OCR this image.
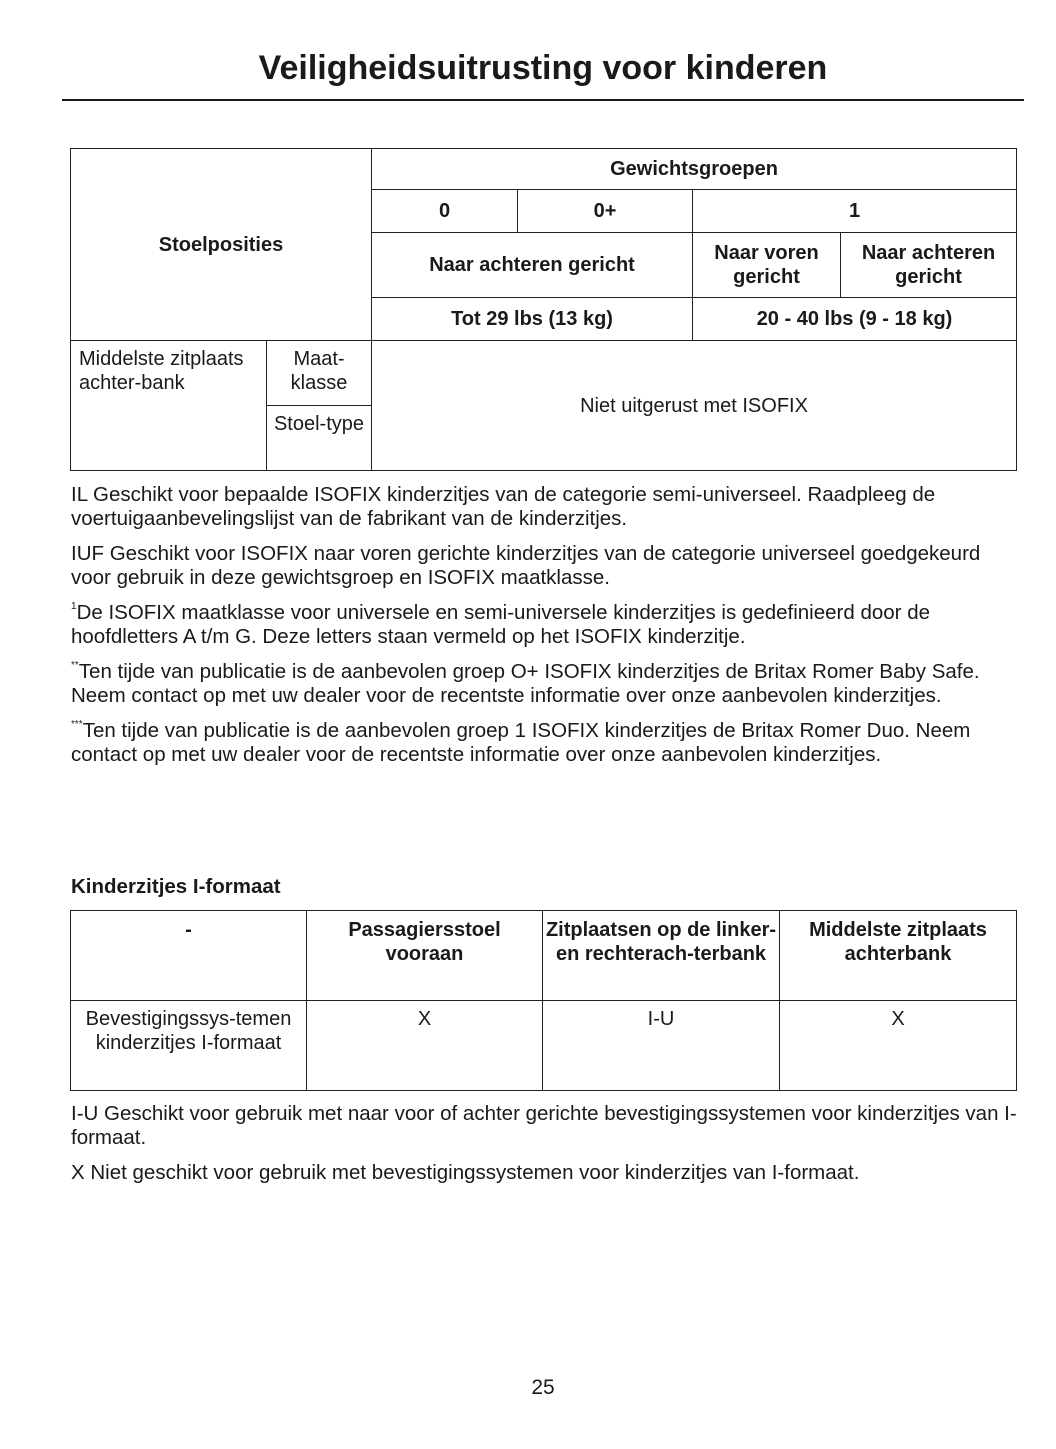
Veiligheidsuitrusting voor kinderen
Stoelposities		Gewichtsgroepen			
		0	0+	1	
		Naar achteren gericht		Naar voren gericht	Naar achteren gericht
		Tot 29 lbs (13 kg)		20 - 40 lbs (9 - 18 kg)	
Middelste zitplaats achter-bank	Maat-klasse	Niet uitgerust met ISOFIX			
	Stoel-type				

IL Geschikt voor bepaalde ISOFIX kinderzitjes van de categorie semi-universeel. Raadpleeg de voertuigaanbevelingslijst van de fabrikant van de kinderzitjes.

IUF Geschikt voor ISOFIX naar voren gerichte kinderzitjes van de categorie universeel goedgekeurd voor gebruik in deze gewichtsgroep en ISOFIX maatklasse.

$^1$De ISOFIX maatklasse voor universele en semi-universele kinderzitjes is gedefinieerd door de hoofdletters A t/m G. Deze letters staan vermeld op het ISOFIX kinderzitje.

**Ten tijde van publicatie is de aanbevolen groep O+ ISOFIX kinderzitjes de Britax Romer Baby Safe. Neem contact op met uw dealer voor de recentste informatie over onze aanbevolen kinderzitjes.

***Ten tijde van publicatie is de aanbevolen groep 1 ISOFIX kinderzitjes de Britax Romer Duo. Neem contact op met uw dealer voor de recentste informatie over onze aanbevolen kinderzitjes.

Kinderzitjes I-formaat
-	Passagiersstoel vooraan	Zitplaatsen op de linker- en rechterach-terbank	Middelste zitplaats achterbank
Bevestigingssys-temen kinderzitjes I-formaat	X	I-U	X

I-U Geschikt voor gebruik met naar voor of achter gerichte bevestigingssystemen voor kinderzitjes van I-formaat.

X Niet geschikt voor gebruik met bevestigingssystemen voor kinderzitjes van I-formaat.

25
